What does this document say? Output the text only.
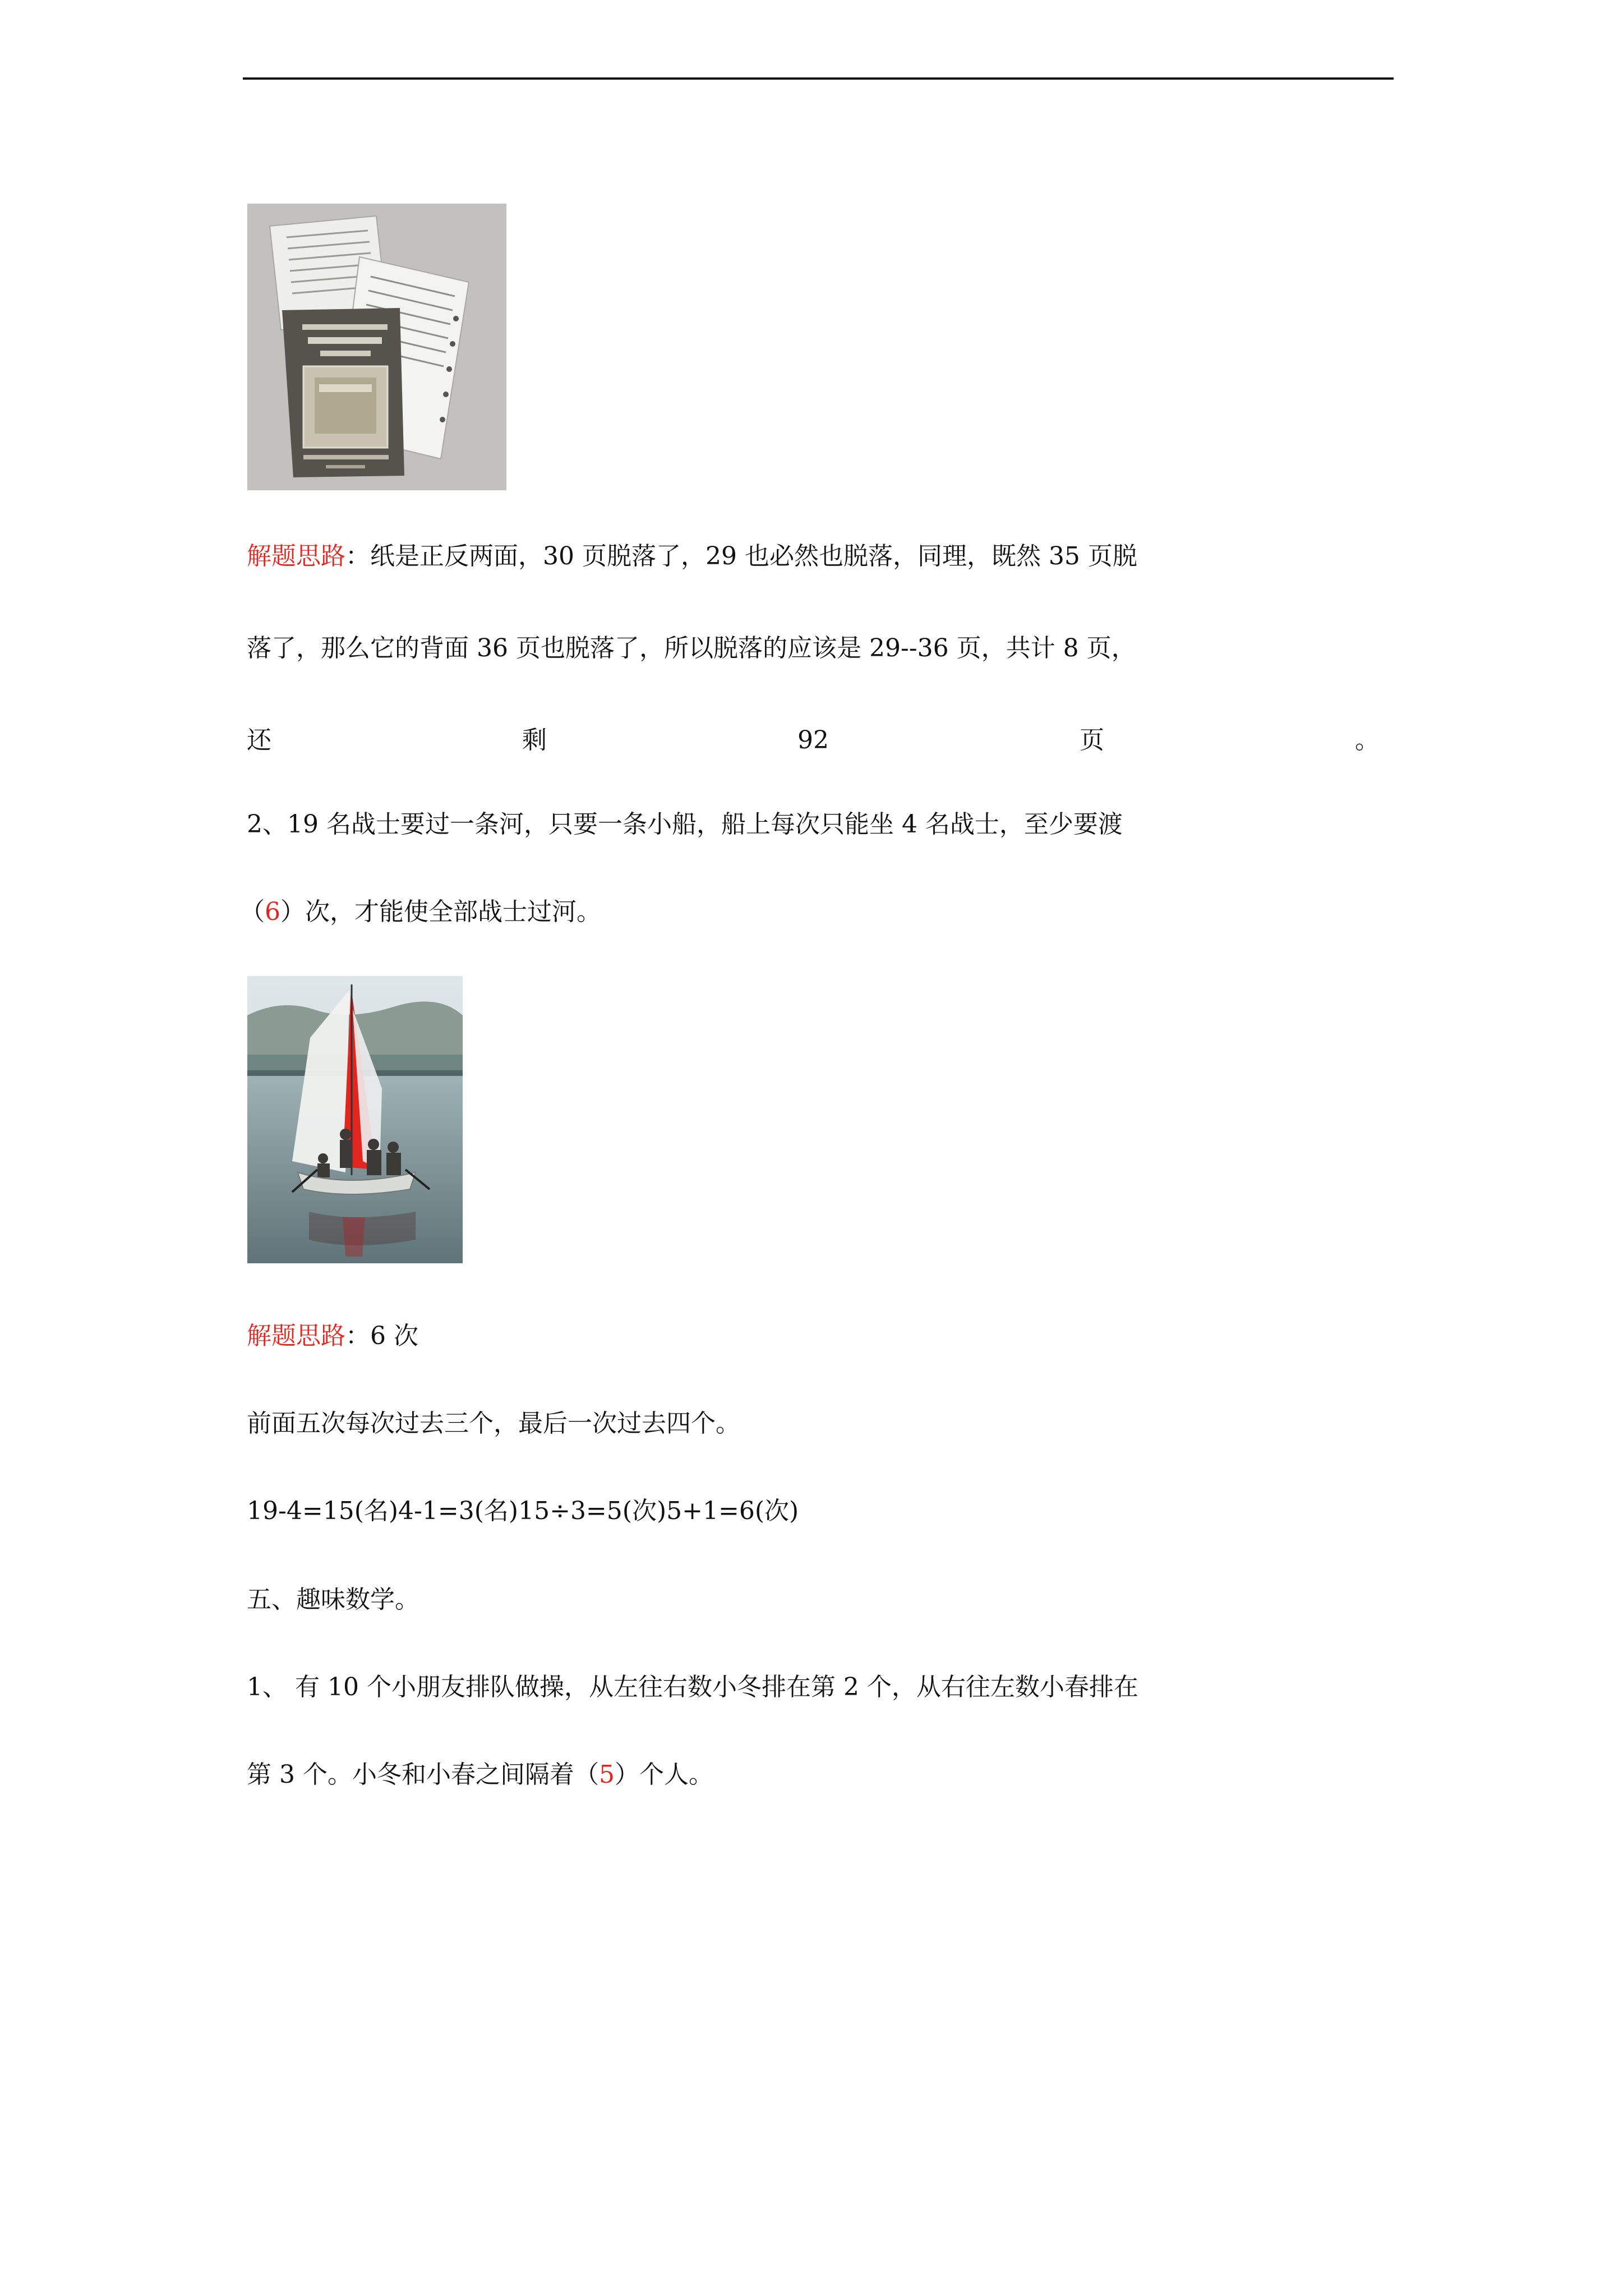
解题思路：纸是正反两面，30 页脱落了，29 也必然也脱落，同理，既然 35 页脱
落了，那么它的背面 36 页也脱落了，所以脱落的应该是 29--36 页，共计 8 页，
还	剩	92	页	。
2、19 名战士要过一条河，只要一条小船，船上每次只能坐 4 名战士，至少要渡
（6）次，才能使全部战士过河。
解题思路：6 次
前面五次每次过去三个，最后一次过去四个。
19-4=15(名)4-1=3(名)15÷3=5(次)5+1=6(次)
五、趣味数学。
1、 有 10 个小朋友排队做操，从左往右数小冬排在第 2 个，从右往左数小春排在
第 3 个。小冬和小春之间隔着（5）个人。
